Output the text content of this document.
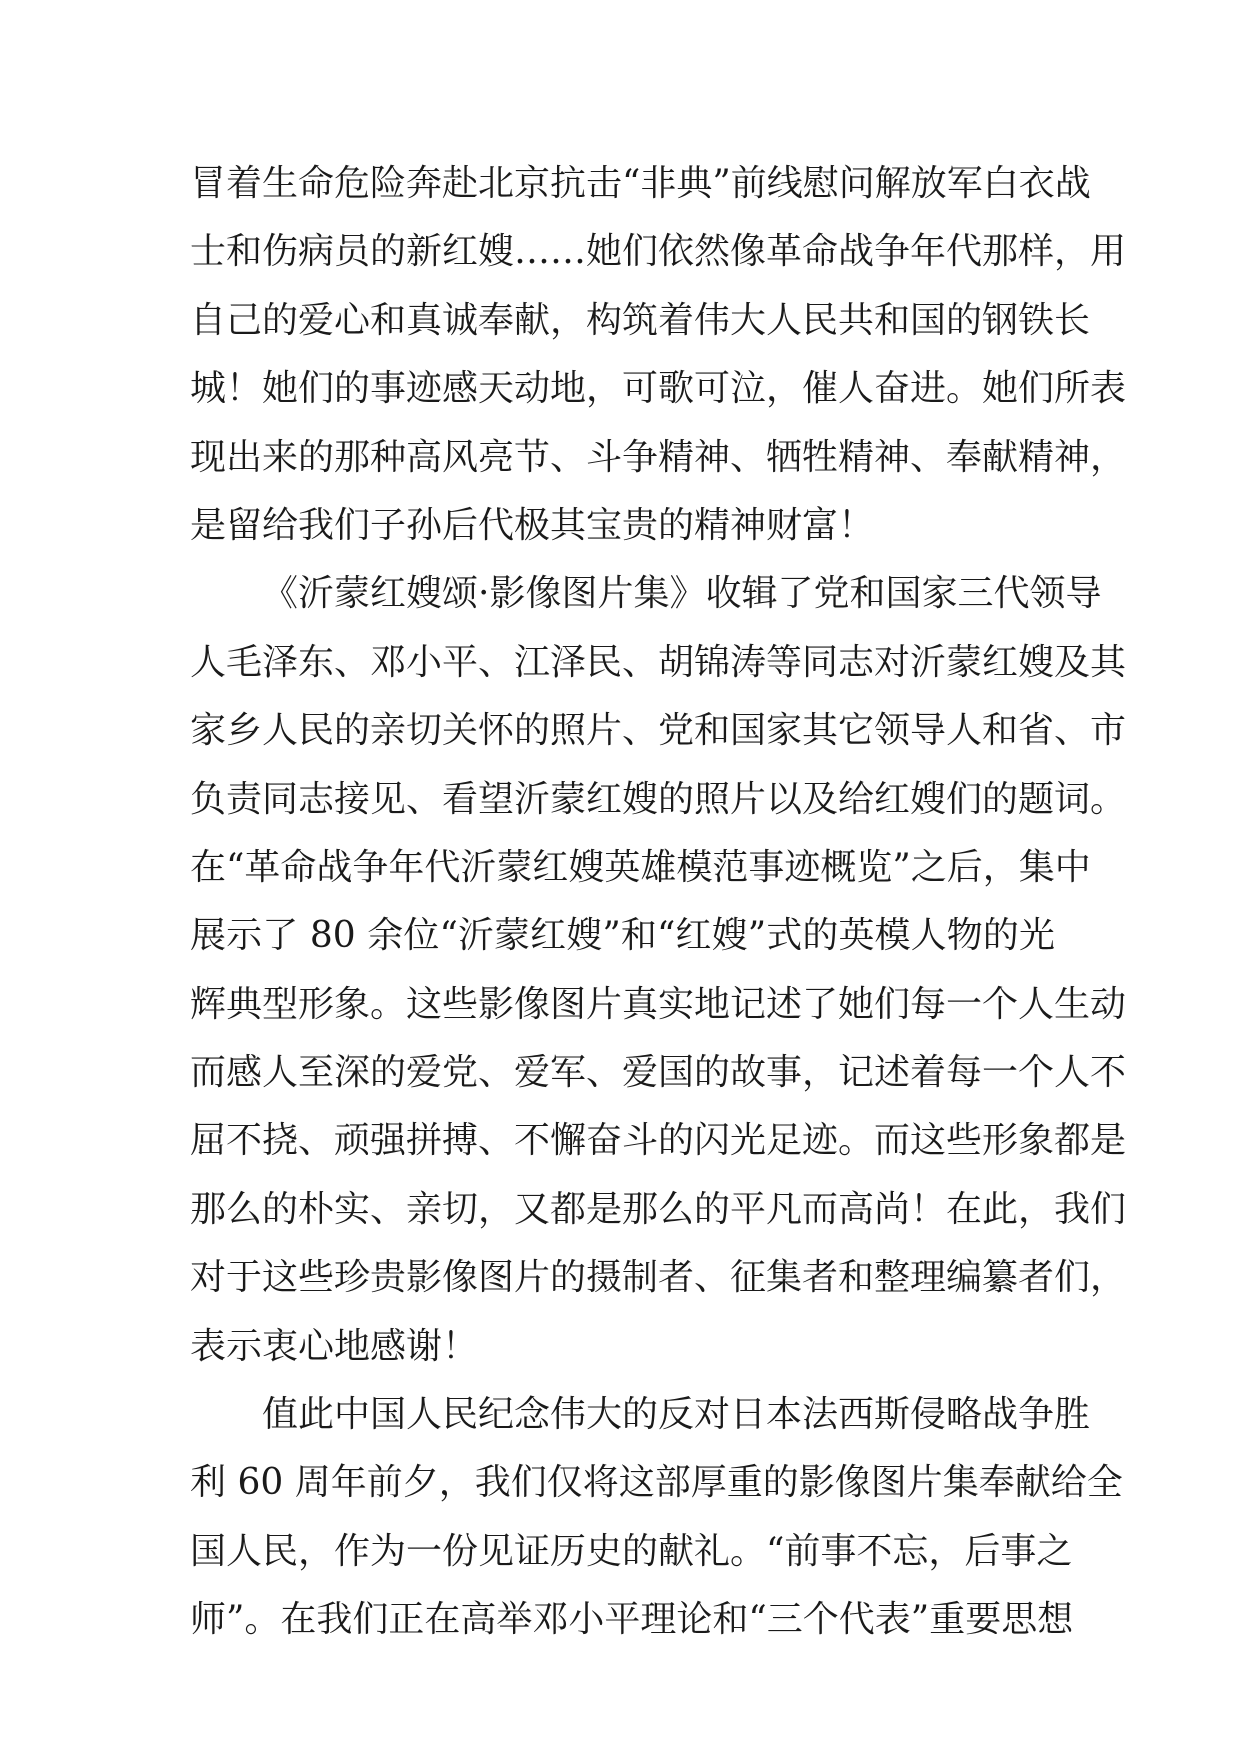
冒着生命危险奔赴北京抗击“非典”前线慰问解放军白衣战
士和伤病员的新红嫂……她们依然像革命战争年代那样，用
自己的爱心和真诚奉献，构筑着伟大人民共和国的钢铁长
城！她们的事迹感天动地，可歌可泣，催人奋进。她们所表
现出来的那种高风亮节、斗争精神、牺牲精神、奉献精神，
是留给我们子孙后代极其宝贵的精神财富！
《沂蒙红嫂颂·影像图片集》收辑了党和国家三代领导
人毛泽东、邓小平、江泽民、胡锦涛等同志对沂蒙红嫂及其
家乡人民的亲切关怀的照片、党和国家其它领导人和省、市
负责同志接见、看望沂蒙红嫂的照片以及给红嫂们的题词。
在“革命战争年代沂蒙红嫂英雄模范事迹概览”之后，集中
展示了 80 余位“沂蒙红嫂”和“红嫂”式的英模人物的光
辉典型形象。这些影像图片真实地记述了她们每一个人生动
而感人至深的爱党、爱军、爱国的故事，记述着每一个人不
屈不挠、顽强拼搏、不懈奋斗的闪光足迹。而这些形象都是
那么的朴实、亲切，又都是那么的平凡而高尚！在此，我们
对于这些珍贵影像图片的摄制者、征集者和整理编纂者们，
表示衷心地感谢！
值此中国人民纪念伟大的反对日本法西斯侵略战争胜
利 60 周年前夕，我们仅将这部厚重的影像图片集奉献给全
国人民，作为一份见证历史的献礼。“前事不忘，后事之
师”。在我们正在高举邓小平理论和“三个代表”重要思想
